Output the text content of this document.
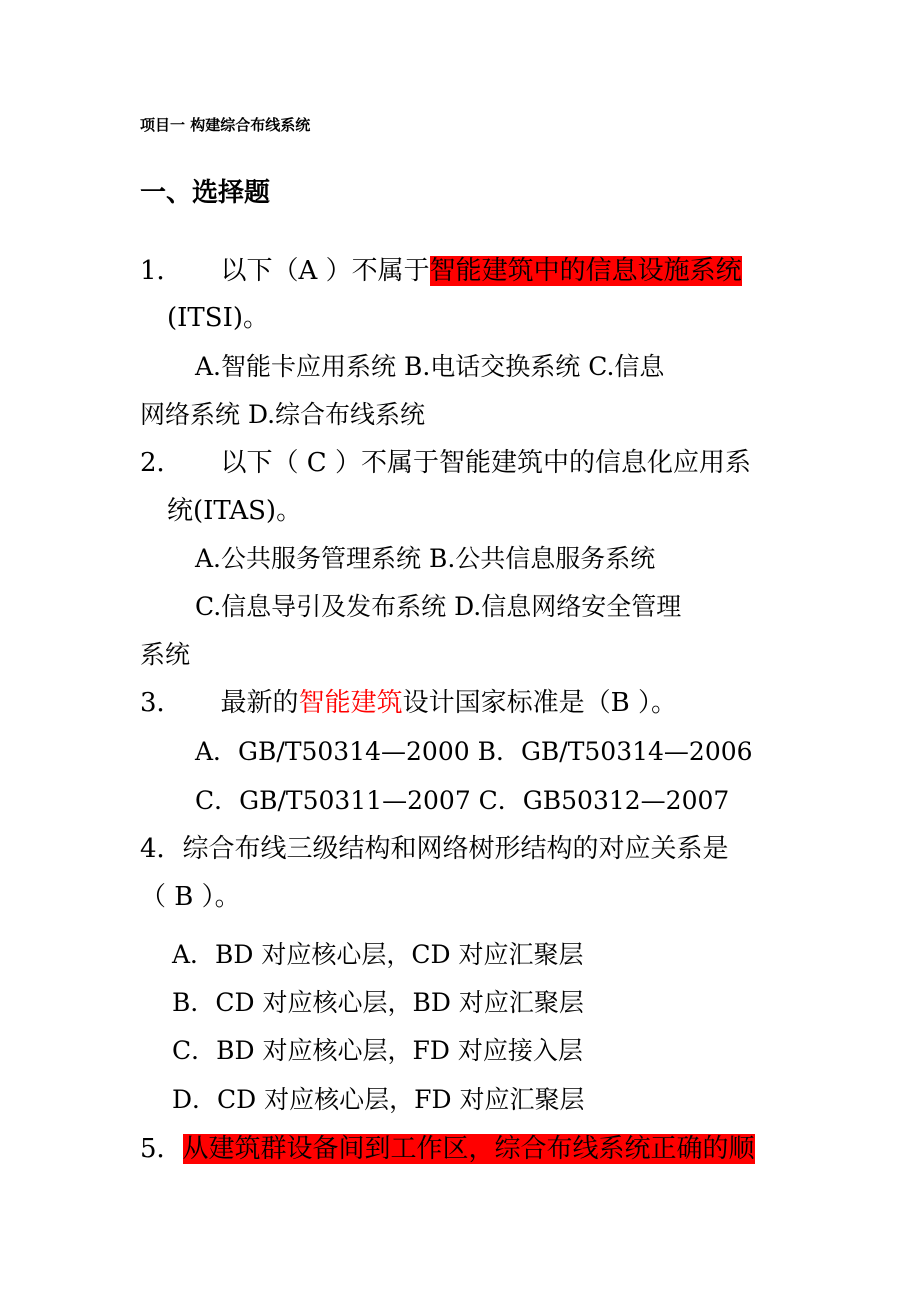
项目一 构建综合布线系统
一、选择题
1． 以下（A ）不属于智能建筑中的信息设施系统
(ITSI)。
A.智能卡应用系统 B.电话交换系统 C.信息
网络系统 D.综合布线系统
2． 以下（ C ）不属于智能建筑中的信息化应用系
统(ITAS)。
A.公共服务管理系统 B.公共信息服务系统
C.信息导引及发布系统 D.信息网络安全管理
系统
3． 最新的智能建筑设计国家标准是（B ）。
A．GB/T50314—2000 B．GB/T50314—2006
C．GB/T50311—2007 C．GB50312—2007
4．综合布线三级结构和网络树形结构的对应关系是
（ B ）。
A．BD 对应核心层，CD 对应汇聚层
B．CD 对应核心层，BD 对应汇聚层
C．BD 对应核心层，FD 对应接入层
D．CD 对应核心层，FD 对应汇聚层
5．从建筑群设备间到工作区，综合布线系统正确的顺
